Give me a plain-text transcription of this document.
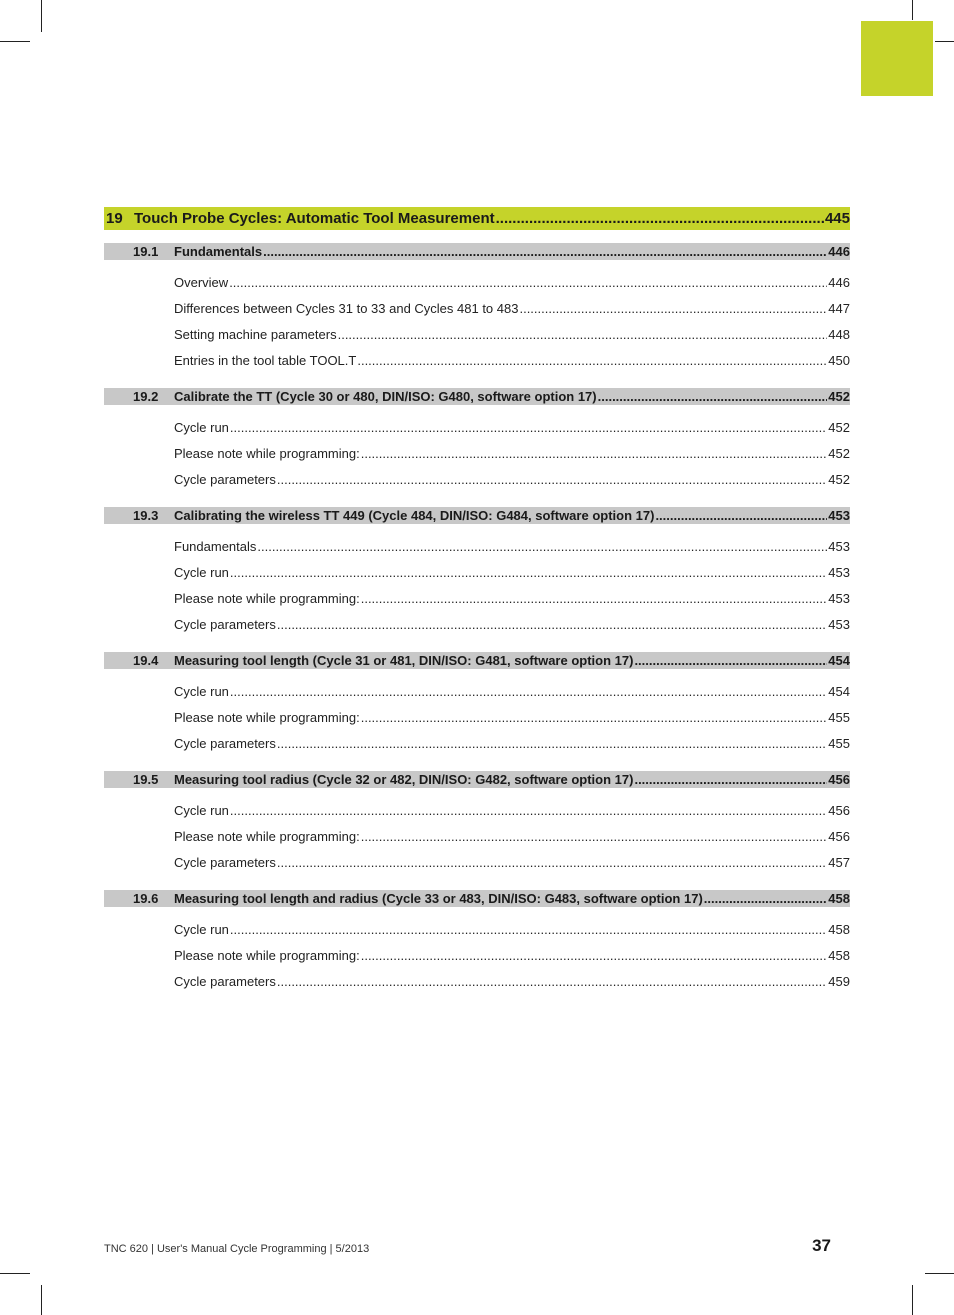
19 Touch Probe Cycles: Automatic Tool Measurement .....	445
19.1	Fundamentals .....	446
Overview .....	446
Differences between Cycles 31 to 33 and Cycles 481 to 483 .....	447
Setting machine parameters .....	448
Entries in the tool table TOOL.T .....	450
19.2	Calibrate the TT (Cycle 30 or 480, DIN/ISO: G480, software option 17) .....	452
Cycle run .....	452
Please note while programming: .....	452
Cycle parameters .....	452
19.3	Calibrating the wireless TT 449 (Cycle 484, DIN/ISO: G484, software option 17) .....	453
Fundamentals .....	453
Cycle run .....	453
Please note while programming: .....	453
Cycle parameters .....	453
19.4	Measuring tool length (Cycle 31 or 481, DIN/ISO: G481, software option 17) .....	454
Cycle run .....	454
Please note while programming: .....	455
Cycle parameters .....	455
19.5	Measuring tool radius (Cycle 32 or 482, DIN/ISO: G482, software option 17) .....	456
Cycle run .....	456
Please note while programming: .....	456
Cycle parameters .....	457
19.6	Measuring tool length and radius (Cycle 33 or 483, DIN/ISO: G483, software option 17) .....	458
Cycle run .....	458
Please note while programming: .....	458
Cycle parameters .....	459
TNC 620 | User's Manual Cycle Programming | 5/2013	37
